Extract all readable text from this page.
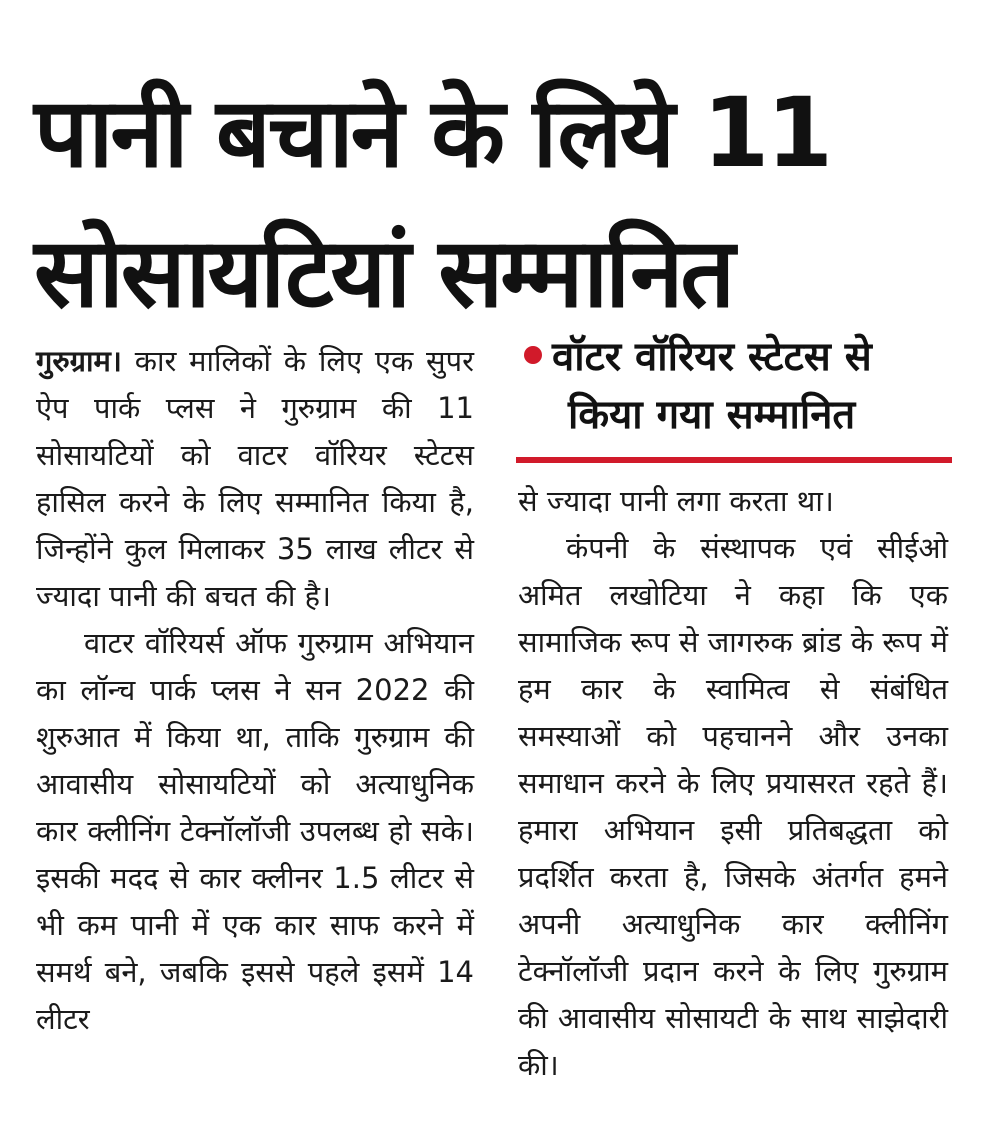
पानी बचाने के लिये 11
सोसायटियां सम्मानित
वॉटर वॉरियर स्टेटस से
किया गया सम्मानित

गुरुग्राम। कार मालिकों के लिए एक सुपर ऐप पार्क प्लस ने गुरुग्राम की 11 सोसायटियों को वाटर वॉरियर स्टेटस हासिल करने के लिए सम्मानित किया है, जिन्होंने कुल मिलाकर 35 लाख लीटर से ज्यादा पानी की बचत की है।

वाटर वॉरियर्स ऑफ गुरुग्राम अभियान का लॉन्च पार्क प्लस ने सन 2022 की शुरुआत में किया था, ताकि गुरुग्राम की आवासीय सोसायटियों को अत्याधुनिक कार क्लीनिंग टेक्नॉलॉजी उपलब्ध हो सके। इसकी मदद से कार क्लीनर 1.5 लीटर से भी कम पानी में एक कार साफ करने में समर्थ बने, जबकि इससे पहले इसमें 14 लीटर

से ज्यादा पानी लगा करता था।

कंपनी के संस्थापक एवं सीईओ अमित लखोटिया ने कहा कि एक सामाजिक रूप से जागरुक ब्रांड के रूप में हम कार के स्वामित्व से संबंधित समस्याओं को पहचानने और उनका समाधान करने के लिए प्रयासरत रहते हैं। हमारा अभियान इसी प्रतिबद्धता को प्रदर्शित करता है, जिसके अंतर्गत हमने अपनी अत्याधुनिक कार क्लीनिंग टेक्नॉलॉजी प्रदान करने के लिए गुरुग्राम की आवासीय सोसायटी के साथ साझेदारी की।
